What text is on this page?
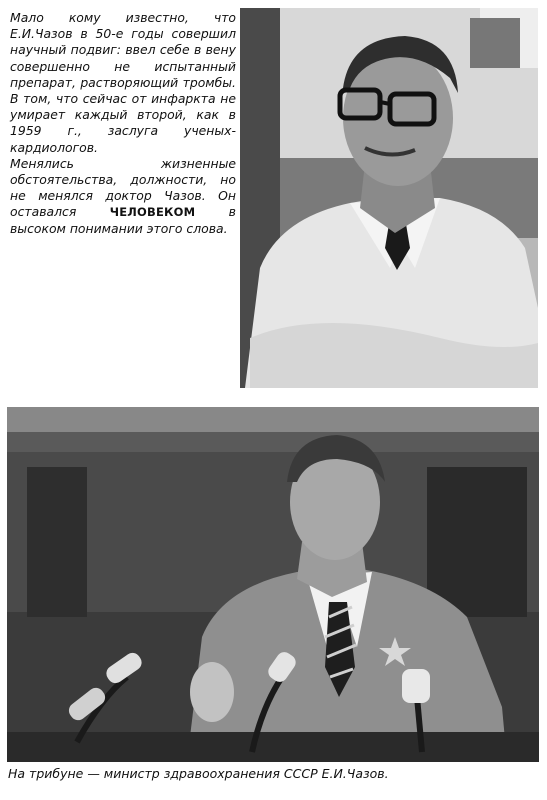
Мало кому известно, что Е.И.Чазов в 50-е годы совершил научный подвиг: ввел себе в вену совершенно не испытанный препарат, растворяющий тромбы. В том, что сейчас от инфаркта не умирает каждый второй, как в 1959 г., заслуга ученых-кардиологов.

Менялись жизненные обстоятельства, должности, но не менялся доктор Чазов. Он оставался ЧЕЛОВЕКОМ в высоком понимании этого слова.

На трибуне — министр здравоохранения СССР Е.И.Чазов.
